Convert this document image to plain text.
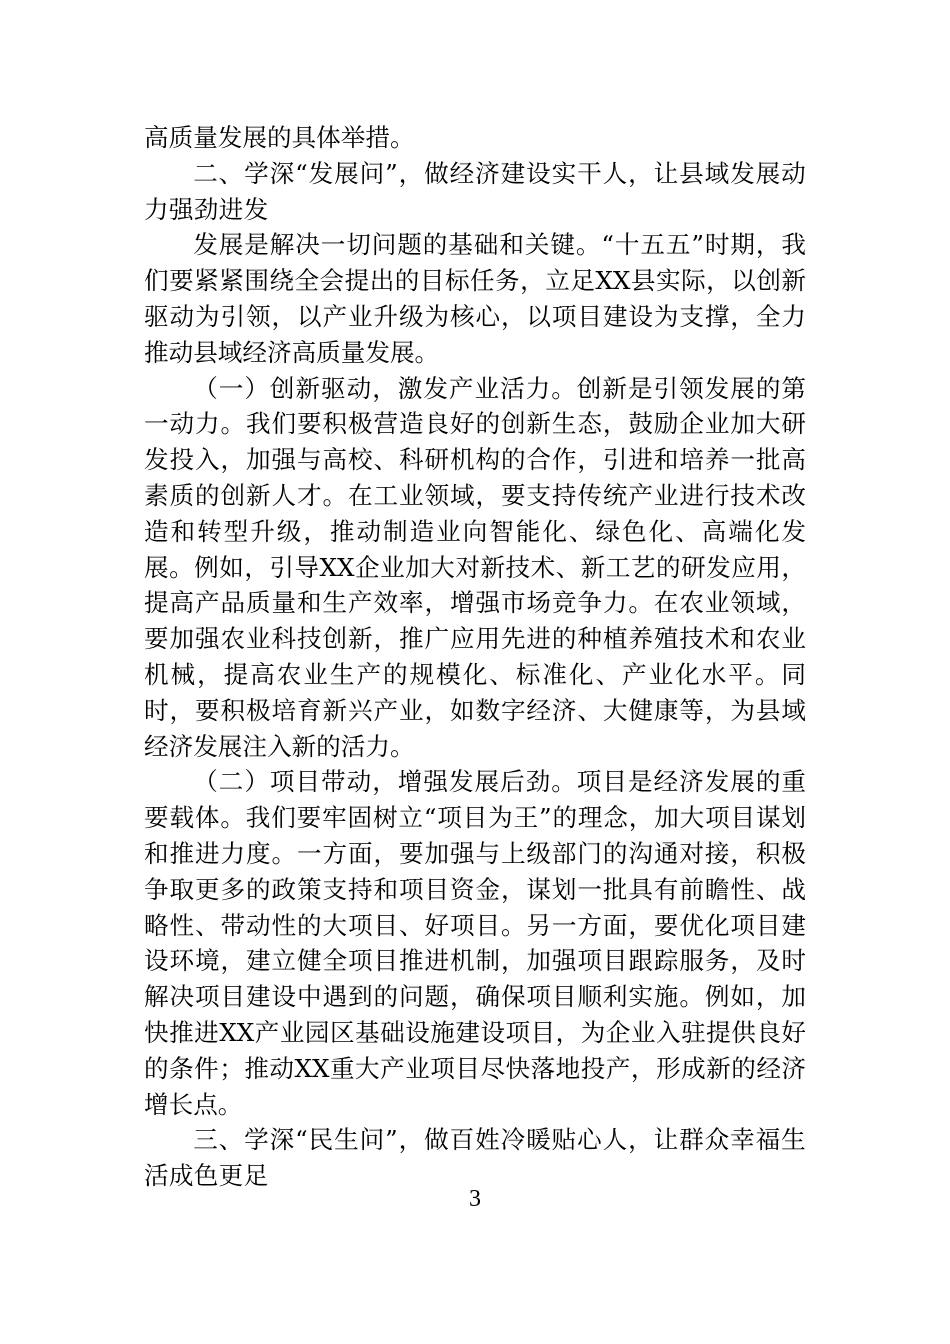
高质量发展的具体举措。

二、学深“发展问”，做经济建设实干人，让县域发展动力强劲进发

发展是解决一切问题的基础和关键。“十五五”时期，我们要紧紧围绕全会提出的目标任务，立足XX县实际，以创新驱动为引领，以产业升级为核心，以项目建设为支撑，全力推动县域经济高质量发展。

（一）创新驱动，激发产业活力。创新是引领发展的第一动力。我们要积极营造良好的创新生态，鼓励企业加大研发投入，加强与高校、科研机构的合作，引进和培养一批高素质的创新人才。在工业领域，要支持传统产业进行技术改造和转型升级，推动制造业向智能化、绿色化、高端化发展。例如，引导XX企业加大对新技术、新工艺的研发应用，提高产品质量和生产效率，增强市场竞争力。在农业领域，要加强农业科技创新，推广应用先进的种植养殖技术和农业机械，提高农业生产的规模化、标准化、产业化水平。同时，要积极培育新兴产业，如数字经济、大健康等，为县域经济发展注入新的活力。

（二）项目带动，增强发展后劲。项目是经济发展的重要载体。我们要牢固树立“项目为王”的理念，加大项目谋划和推进力度。一方面，要加强与上级部门的沟通对接，积极争取更多的政策支持和项目资金，谋划一批具有前瞻性、战略性、带动性的大项目、好项目。另一方面，要优化项目建设环境，建立健全项目推进机制，加强项目跟踪服务，及时解决项目建设中遇到的问题，确保项目顺利实施。例如，加快推进XX产业园区基础设施建设项目，为企业入驻提供良好的条件；推动XX重大产业项目尽快落地投产，形成新的经济增长点。

三、学深“民生问”，做百姓冷暖贴心人，让群众幸福生活成色更足

3
